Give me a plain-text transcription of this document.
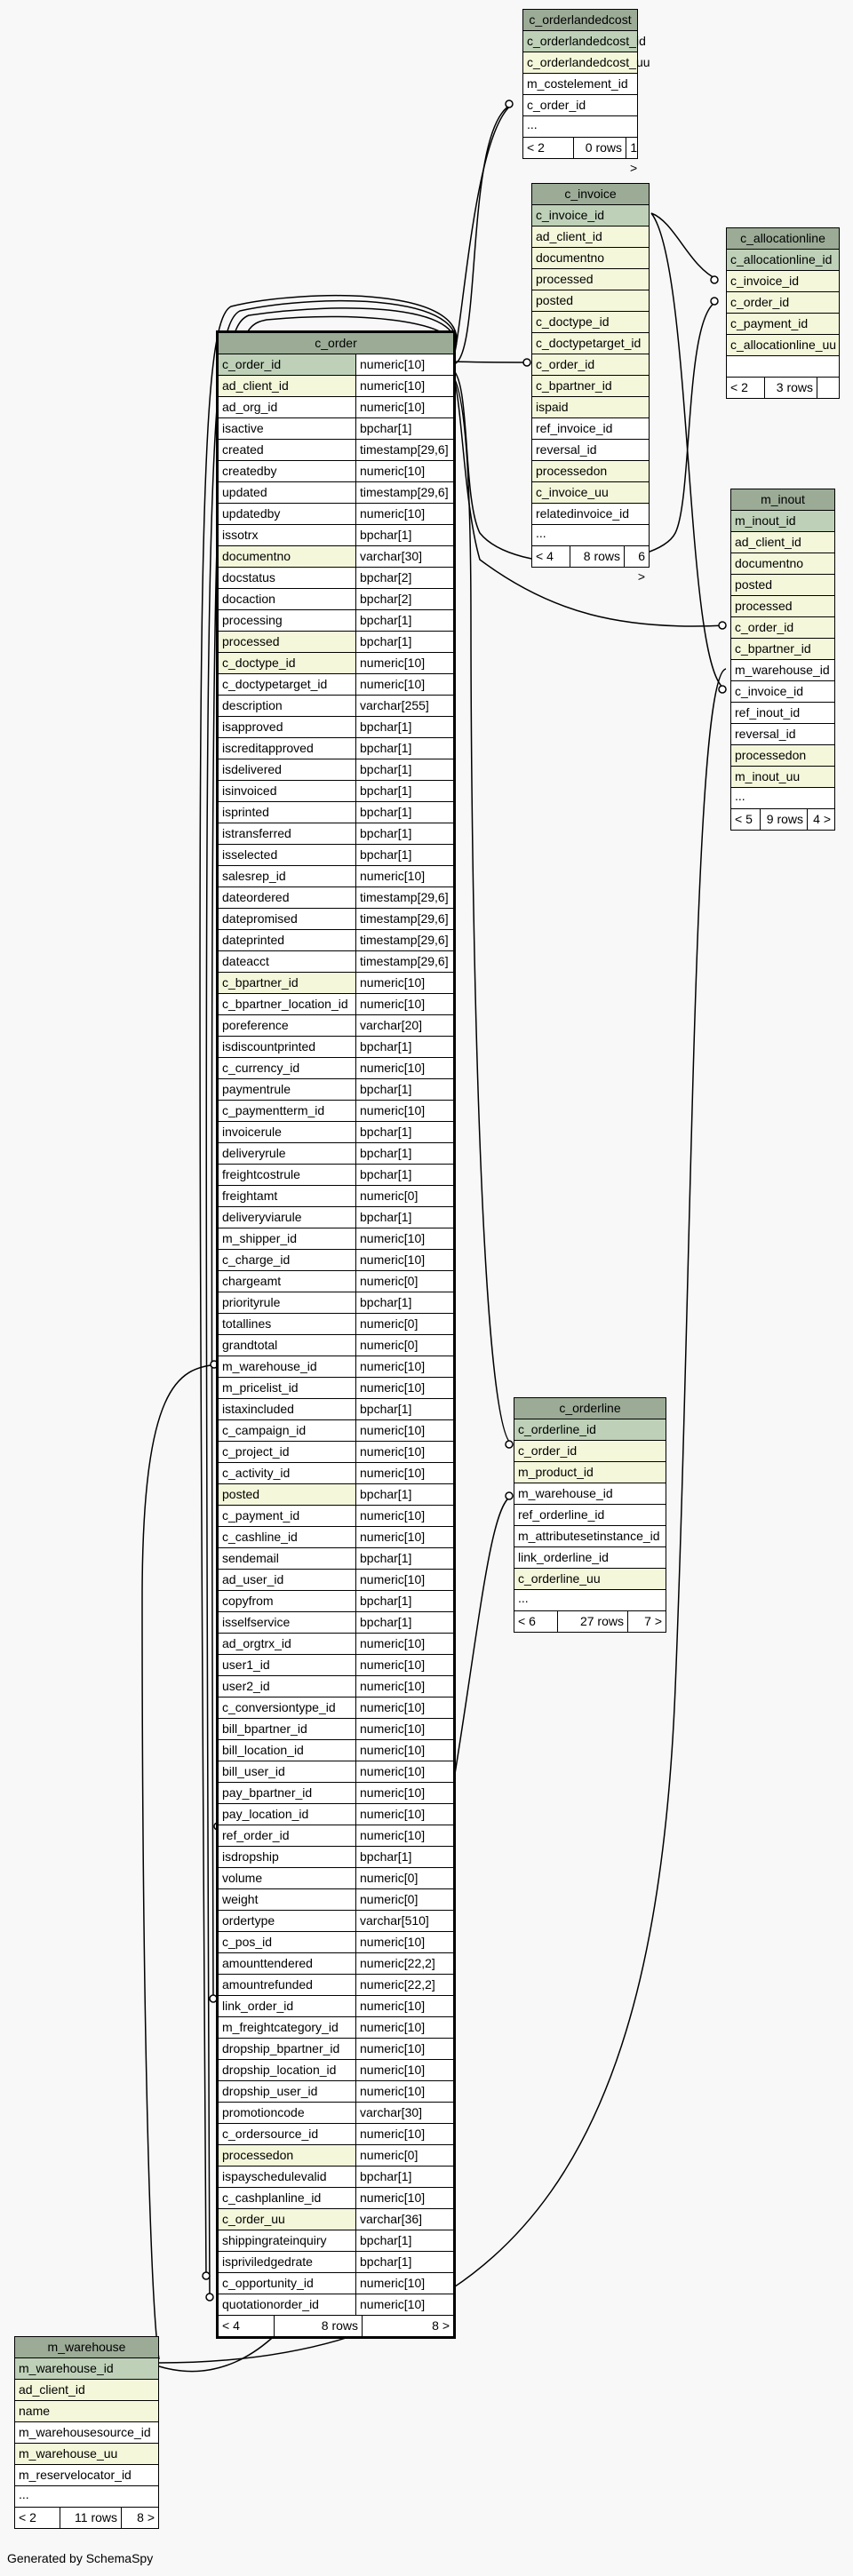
c_orderlandedcost
c_orderlandedcost_id
c_orderlandedcost_uu
m_costelement_id
c_order_id
...
< 2	0 rows 1 >
c_invoice
c_invoice_id
ad_client_id
documentno
processed
posted
c_doctype_id
c_doctypetarget_id
c_order_id
c_bpartner_id
ispaid
ref_invoice_id
reversal_id
processedon
c_invoice_uu
relatedinvoice_id
...
< 4	8 rows	6 >
c_allocationline
c_allocationline_id
c_invoice_id
c_order_id
c_payment_id
c_allocationline_uu
< 2	3 rows
m_inout
m_inout_id
ad_client_id
documentno
posted
processed
c_order_id
c_bpartner_id
m_warehouse_id
c_invoice_id
ref_inout_id
reversal_id
processedon
m_inout_uu
...
< 5	9 rows 4 >
c_orderline
c_orderline_id
c_order_id
m_product_id
m_warehouse_id
ref_orderline_id
m_attributesetinstance_id
link_orderline_id
c_orderline_uu
...
< 6	27 rows	7 >
m_warehouse
m_warehouse_id
ad_client_id
name
m_warehousesource_id
m_warehouse_uu
m_reservelocator_id
...
< 2	11 rows	8 >
c_order
c_order_id	numeric[10]
ad_client_id	numeric[10]
ad_org_id	numeric[10]
isactive	bpchar[1]
created	timestamp[29,6]
createdby	numeric[10]
updated	timestamp[29,6]
updatedby	numeric[10]
issotrx	bpchar[1]
documentno	varchar[30]
docstatus	bpchar[2]
docaction	bpchar[2]
processing	bpchar[1]
processed	bpchar[1]
c_doctype_id	numeric[10]
c_doctypetarget_id	numeric[10]
description	varchar[255]
isapproved	bpchar[1]
iscreditapproved	bpchar[1]
isdelivered	bpchar[1]
isinvoiced	bpchar[1]
isprinted	bpchar[1]
istransferred	bpchar[1]
isselected	bpchar[1]
salesrep_id	numeric[10]
dateordered	timestamp[29,6]
datepromised	timestamp[29,6]
dateprinted	timestamp[29,6]
dateacct	timestamp[29,6]
c_bpartner_id	numeric[10]
c_bpartner_location_id numeric[10]
poreference	varchar[20]
isdiscountprinted	bpchar[1]
c_currency_id	numeric[10]
paymentrule	bpchar[1]
c_paymentterm_id	numeric[10]
invoicerule	bpchar[1]
deliveryrule	bpchar[1]
freightcostrule	bpchar[1]
freightamt	numeric[0]
deliveryviarule	bpchar[1]
m_shipper_id	numeric[10]
c_charge_id	numeric[10]
chargeamt	numeric[0]
priorityrule	bpchar[1]
totallines	numeric[0]
grandtotal	numeric[0]
m_warehouse_id	numeric[10]
m_pricelist_id	numeric[10]
istaxincluded	bpchar[1]
c_campaign_id	numeric[10]
c_project_id	numeric[10]
c_activity_id	numeric[10]
posted	bpchar[1]
c_payment_id	numeric[10]
c_cashline_id	numeric[10]
sendemail	bpchar[1]
ad_user_id	numeric[10]
copyfrom	bpchar[1]
isselfservice	bpchar[1]
ad_orgtrx_id	numeric[10]
user1_id	numeric[10]
user2_id	numeric[10]
c_conversiontype_id	numeric[10]
bill_bpartner_id	numeric[10]
bill_location_id	numeric[10]
bill_user_id	numeric[10]
pay_bpartner_id	numeric[10]
pay_location_id	numeric[10]
ref_order_id	numeric[10]
isdropship	bpchar[1]
volume	numeric[0]
weight	numeric[0]
ordertype	varchar[510]
c_pos_id	numeric[10]
amounttendered	numeric[22,2]
amountrefunded	numeric[22,2]
link_order_id	numeric[10]
m_freightcategory_id	numeric[10]
dropship_bpartner_id	numeric[10]
dropship_location_id	numeric[10]
dropship_user_id	numeric[10]
promotioncode	varchar[30]
c_ordersource_id	numeric[10]
processedon	numeric[0]
ispayschedulevalid	bpchar[1]
c_cashplanline_id	numeric[10]
c_order_uu	varchar[36]
shippingrateinquiry	bpchar[1]
ispriviledgedrate	bpchar[1]
c_opportunity_id	numeric[10]
quotationorder_id	numeric[10]
< 4	8 rows	8 >
Generated by SchemaSpy
